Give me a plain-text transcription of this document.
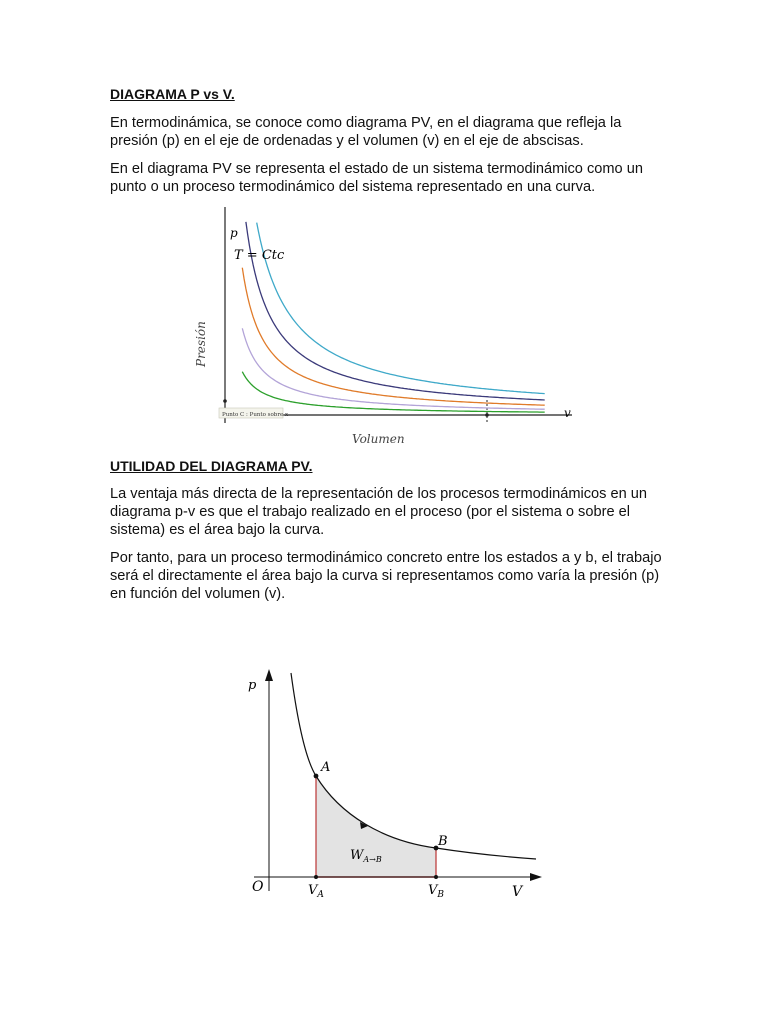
DIAGRAMA P vs V.

En termodinámica, se conoce como diagrama PV, en el diagrama que refleja la presión (p) en el eje de ordenadas y el volumen (v) en el eje de abscisas.

En el diagrama PV se representa el estado de un sistema termodinámico como un punto o un proceso termodinámico del sistema representado en una curva.

p
T = Ctc
Presión
v
Volumen
Punto C : Punto sobre x

UTILIDAD DEL DIAGRAMA PV.

La ventaja más directa de la representación de los procesos termodinámicos en un diagrama p-v es que el trabajo realizado en el proceso (por el sistema o sobre el sistema) es el área bajo la curva.

Por tanto, para un proceso termodinámico concreto entre los estados a y b, el trabajo será el directamente el área bajo la curva si representamos como varía la presión (p) en función del volumen (v).

p
V
O
A
B
$V_A$	$V_B$
$W_{A\to B}$
